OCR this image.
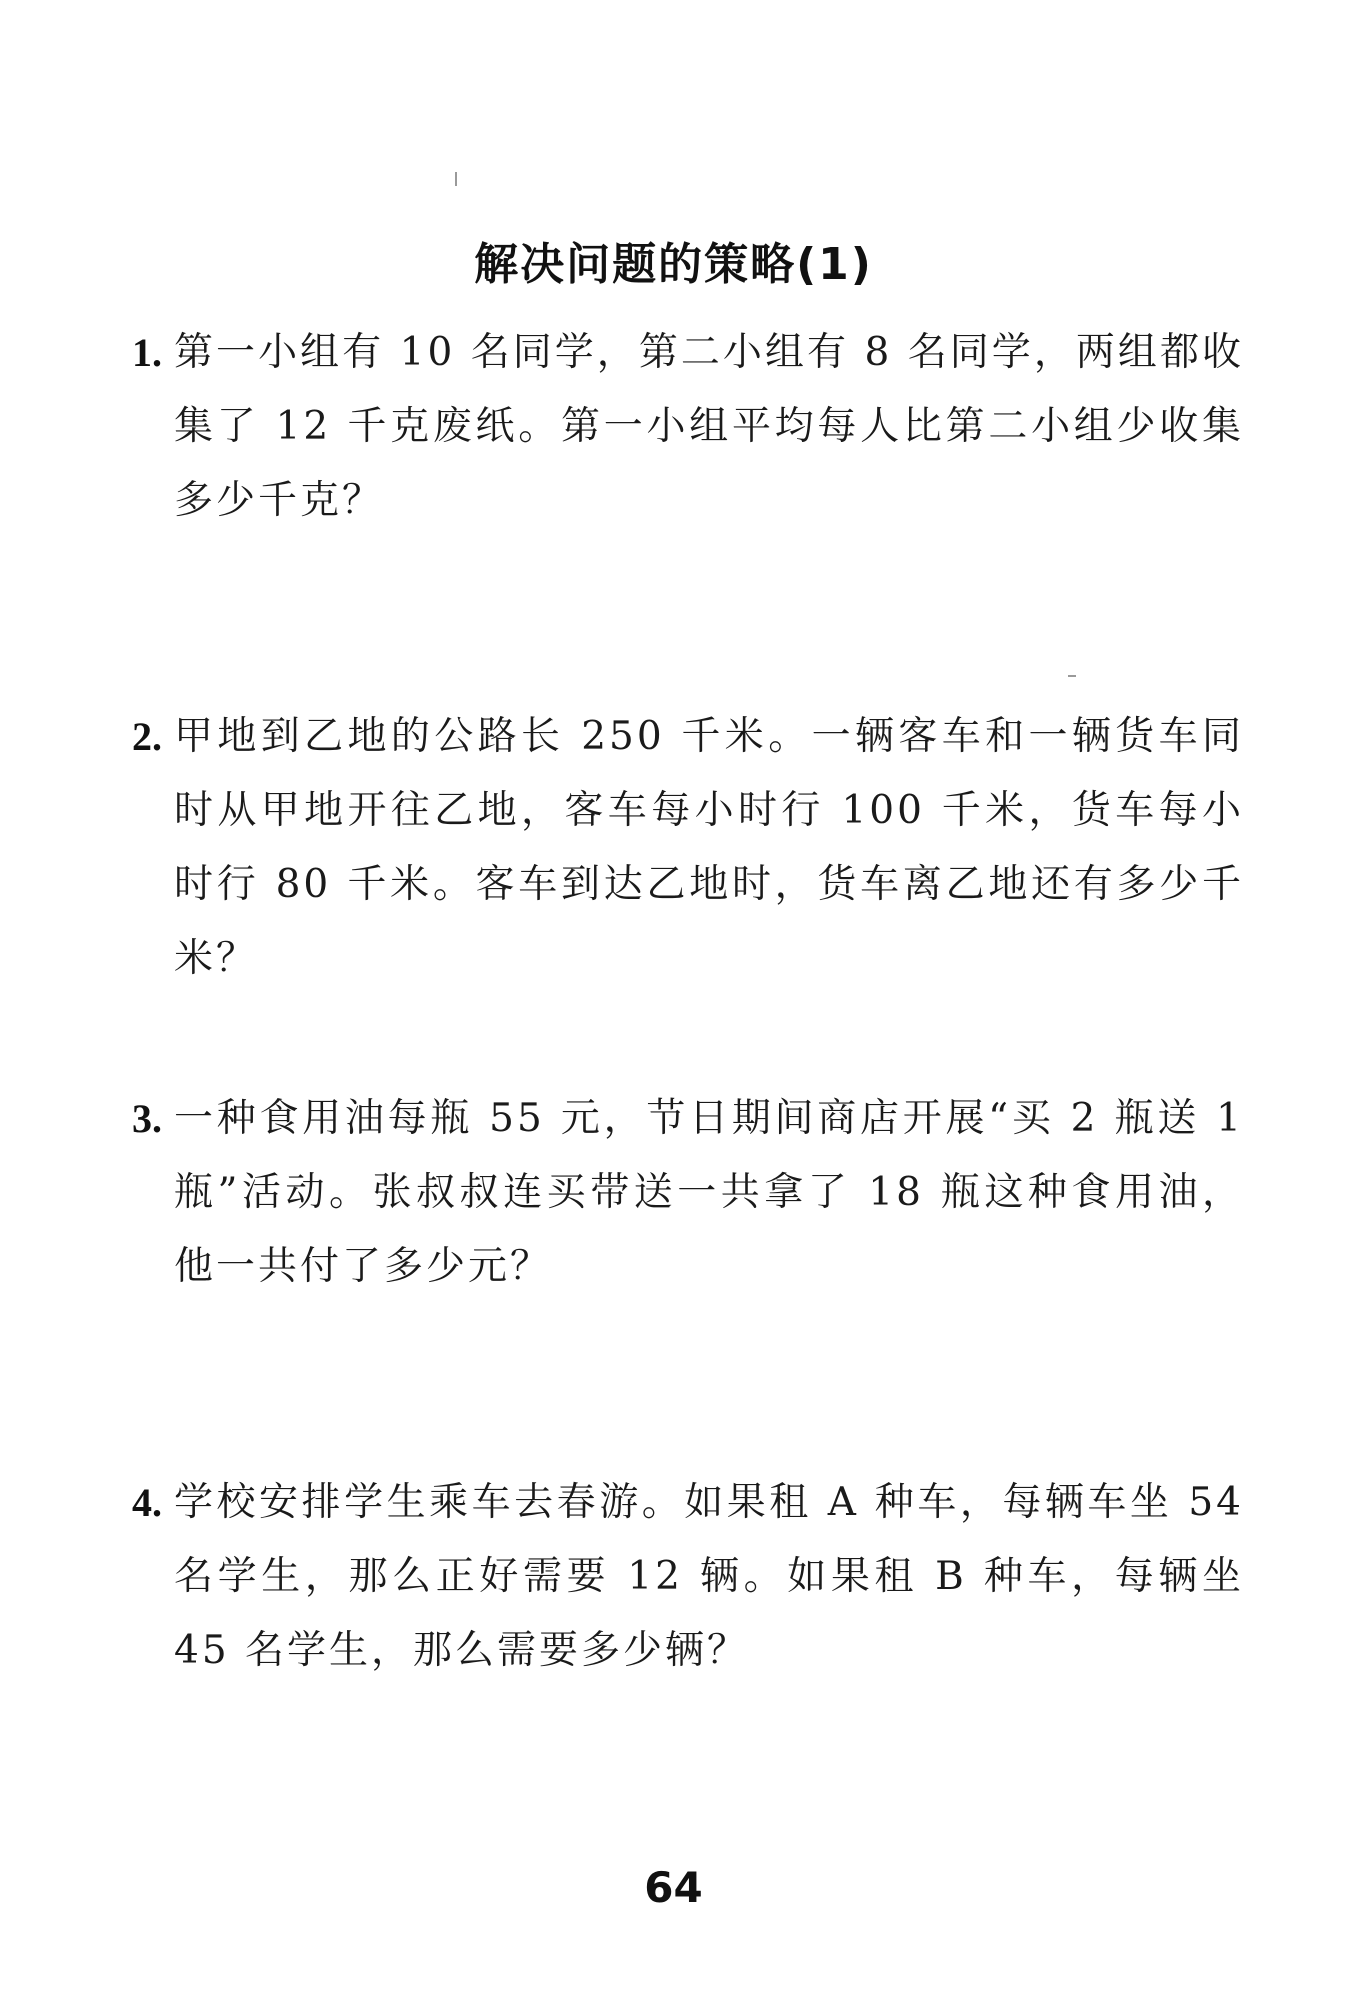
解决问题的策略(1)
1. 第一小组有 10 名同学，第二小组有 8 名同学，两组都收集了 12 千克废纸。第一小组平均每人比第二小组少收集多少千克？
2. 甲地到乙地的公路长 250 千米。一辆客车和一辆货车同时从甲地开往乙地，客车每小时行 100 千米，货车每小时行 80 千米。客车到达乙地时，货车离乙地还有多少千米？
3. 一种食用油每瓶 55 元，节日期间商店开展“买 2 瓶送 1 瓶”活动。张叔叔连买带送一共拿了 18 瓶这种食用油，他一共付了多少元？
4. 学校安排学生乘车去春游。如果租 A 种车，每辆车坐 54 名学生，那么正好需要 12 辆。如果租 B 种车，每辆坐 45 名学生，那么需要多少辆？
64
